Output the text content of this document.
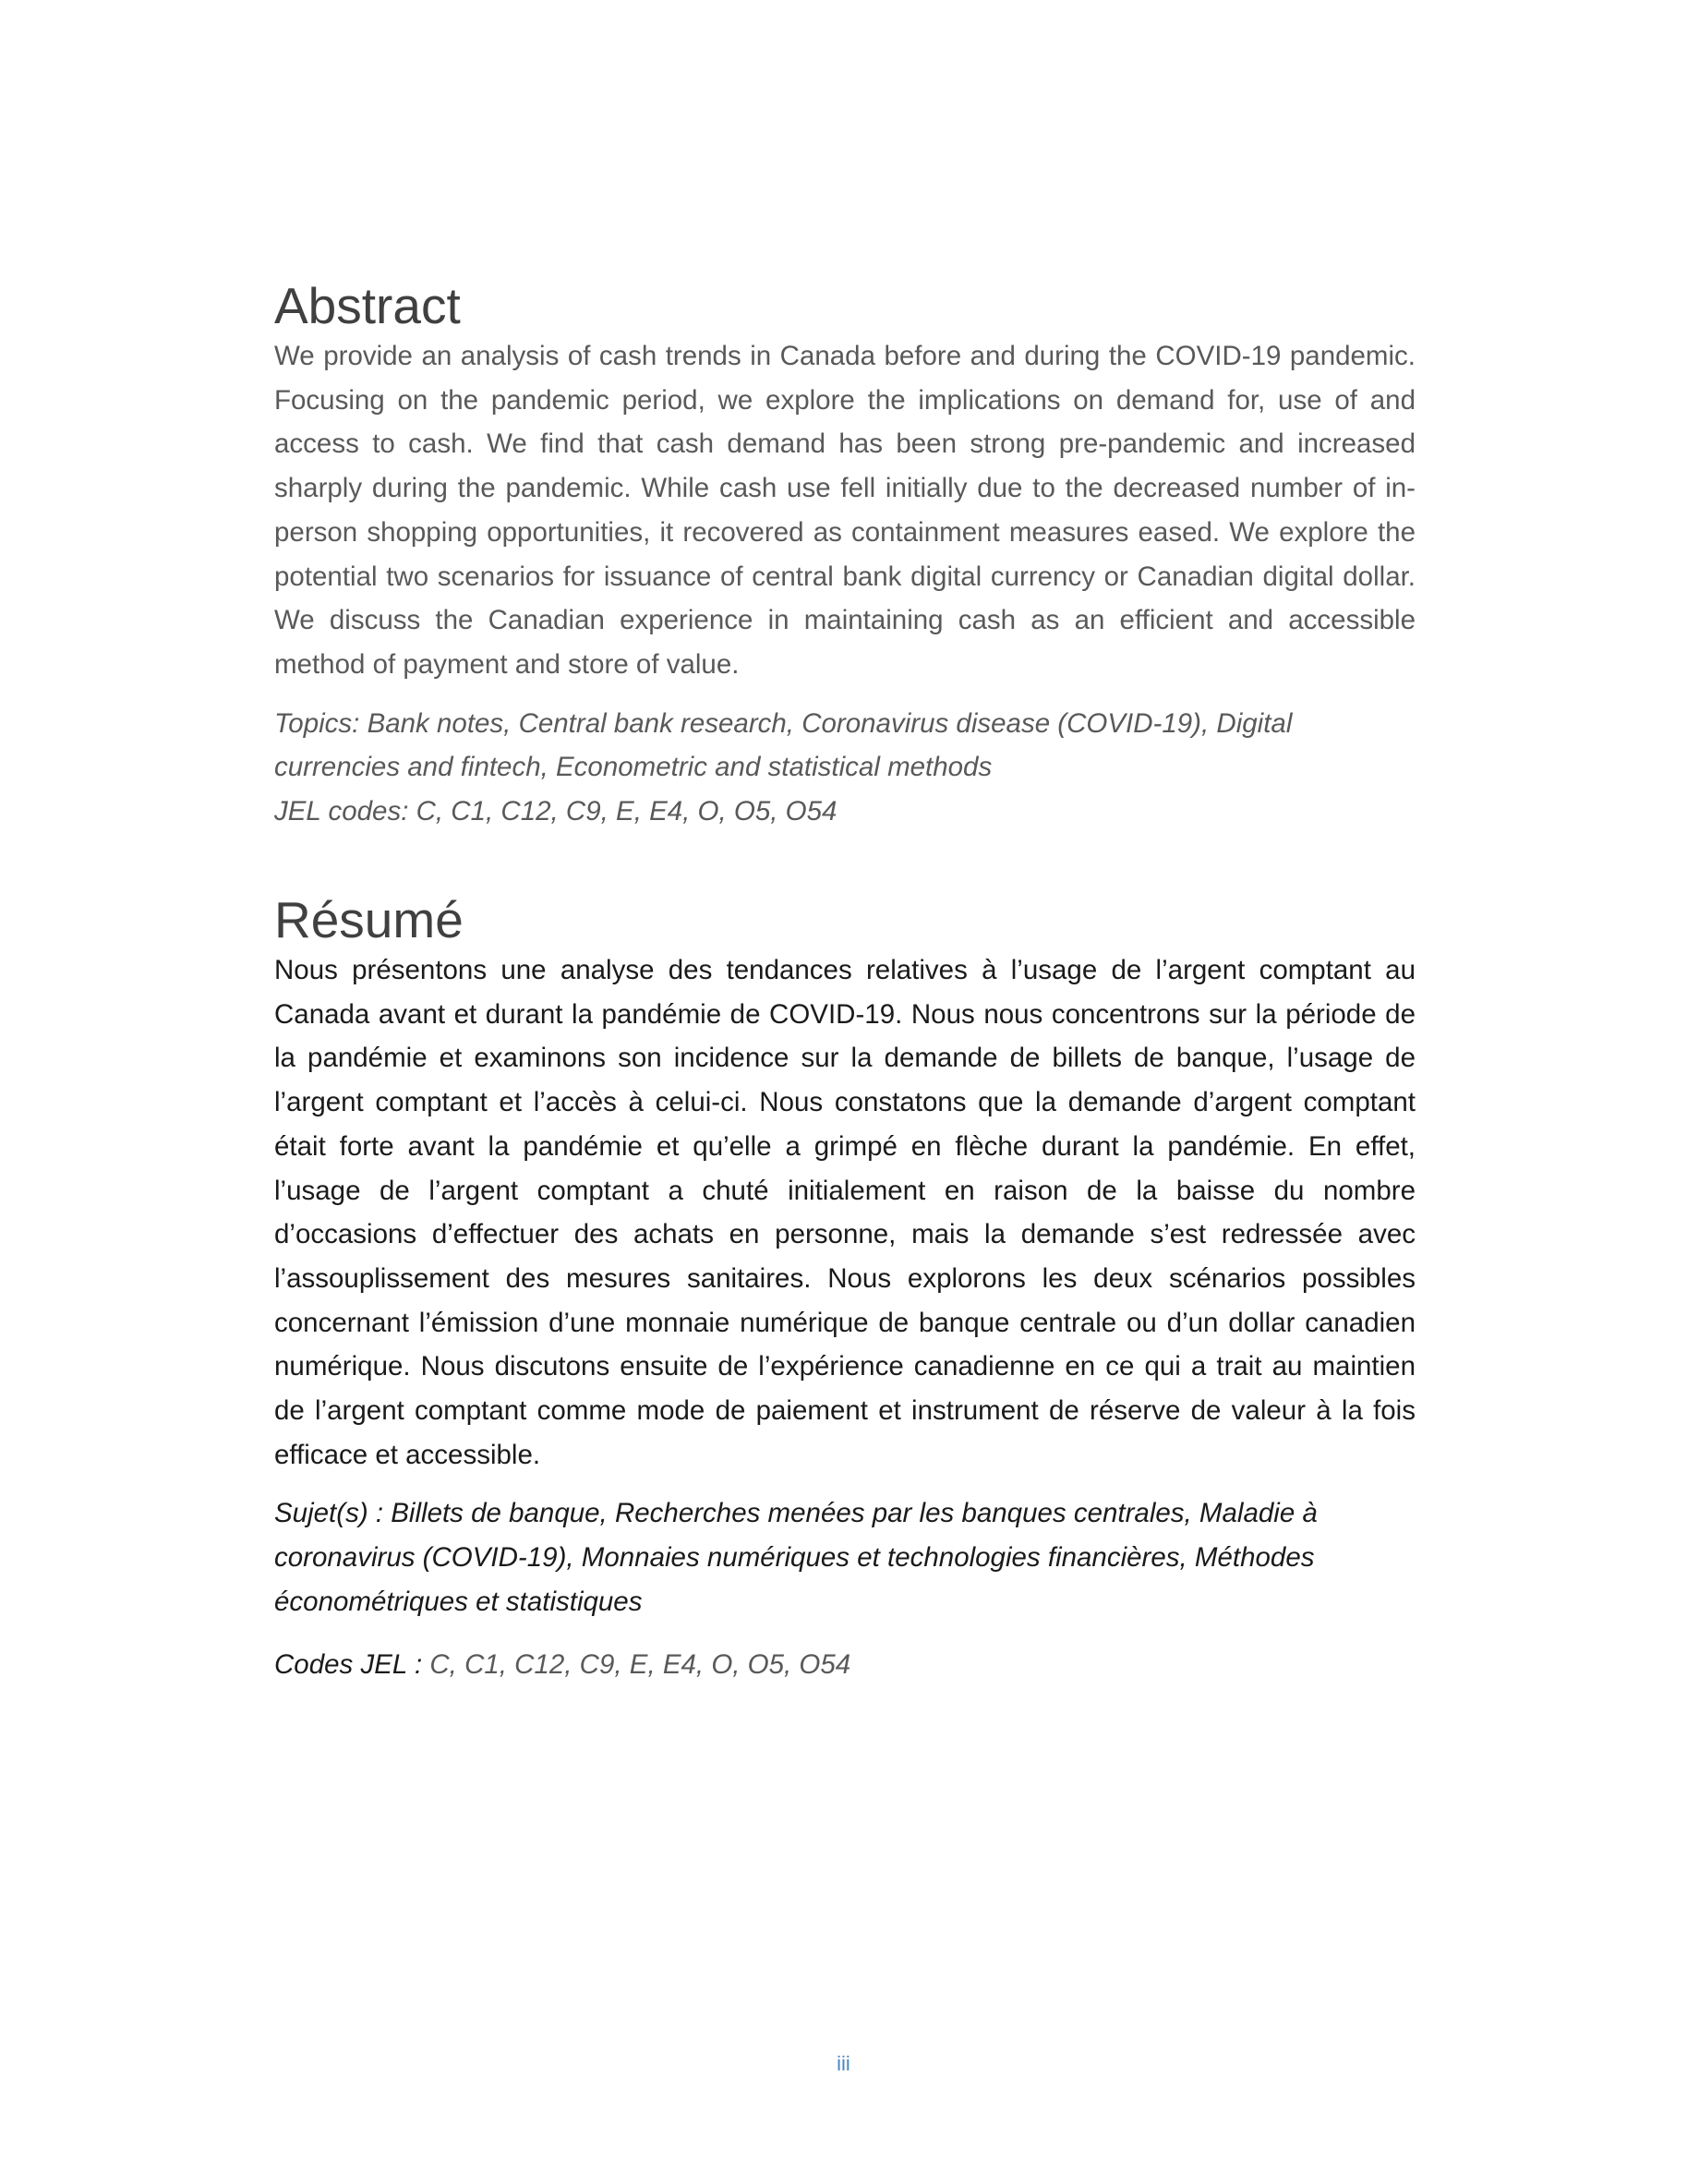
Abstract

We provide an analysis of cash trends in Canada before and during the COVID-19 pandemic. Focusing on the pandemic period, we explore the implications on demand for, use of and access to cash. We find that cash demand has been strong pre-pandemic and increased sharply during the pandemic. While cash use fell initially due to the decreased number of in-person shopping opportunities, it recovered as containment measures eased. We explore the potential two scenarios for issuance of central bank digital currency or Canadian digital dollar. We discuss the Canadian experience in maintaining cash as an efficient and accessible method of payment and store of value.

Topics: Bank notes, Central bank research, Coronavirus disease (COVID-19), Digital currencies and fintech, Econometric and statistical methods
JEL codes: C, C1, C12, C9, E, E4, O, O5, O54

Résumé

Nous présentons une analyse des tendances relatives à l’usage de l’argent comptant au Canada avant et durant la pandémie de COVID-19. Nous nous concentrons sur la période de la pandémie et examinons son incidence sur la demande de billets de banque, l’usage de l’argent comptant et l’accès à celui-ci. Nous constatons que la demande d’argent comptant était forte avant la pandémie et qu’elle a grimpé en flèche durant la pandémie. En effet, l’usage de l’argent comptant a chuté initialement en raison de la baisse du nombre d’occasions d’effectuer des achats en personne, mais la demande s’est redressée avec l’assouplissement des mesures sanitaires. Nous explorons les deux scénarios possibles concernant l’émission d’une monnaie numérique de banque centrale ou d’un dollar canadien numérique. Nous discutons ensuite de l’expérience canadienne en ce qui a trait au maintien de l’argent comptant comme mode de paiement et instrument de réserve de valeur à la fois efficace et accessible.

Sujet(s) : Billets de banque, Recherches menées par les banques centrales, Maladie à coronavirus (COVID-19), Monnaies numériques et technologies financières, Méthodes économétriques et statistiques

Codes JEL : C, C1, C12, C9, E, E4, O, O5, O54

iii
